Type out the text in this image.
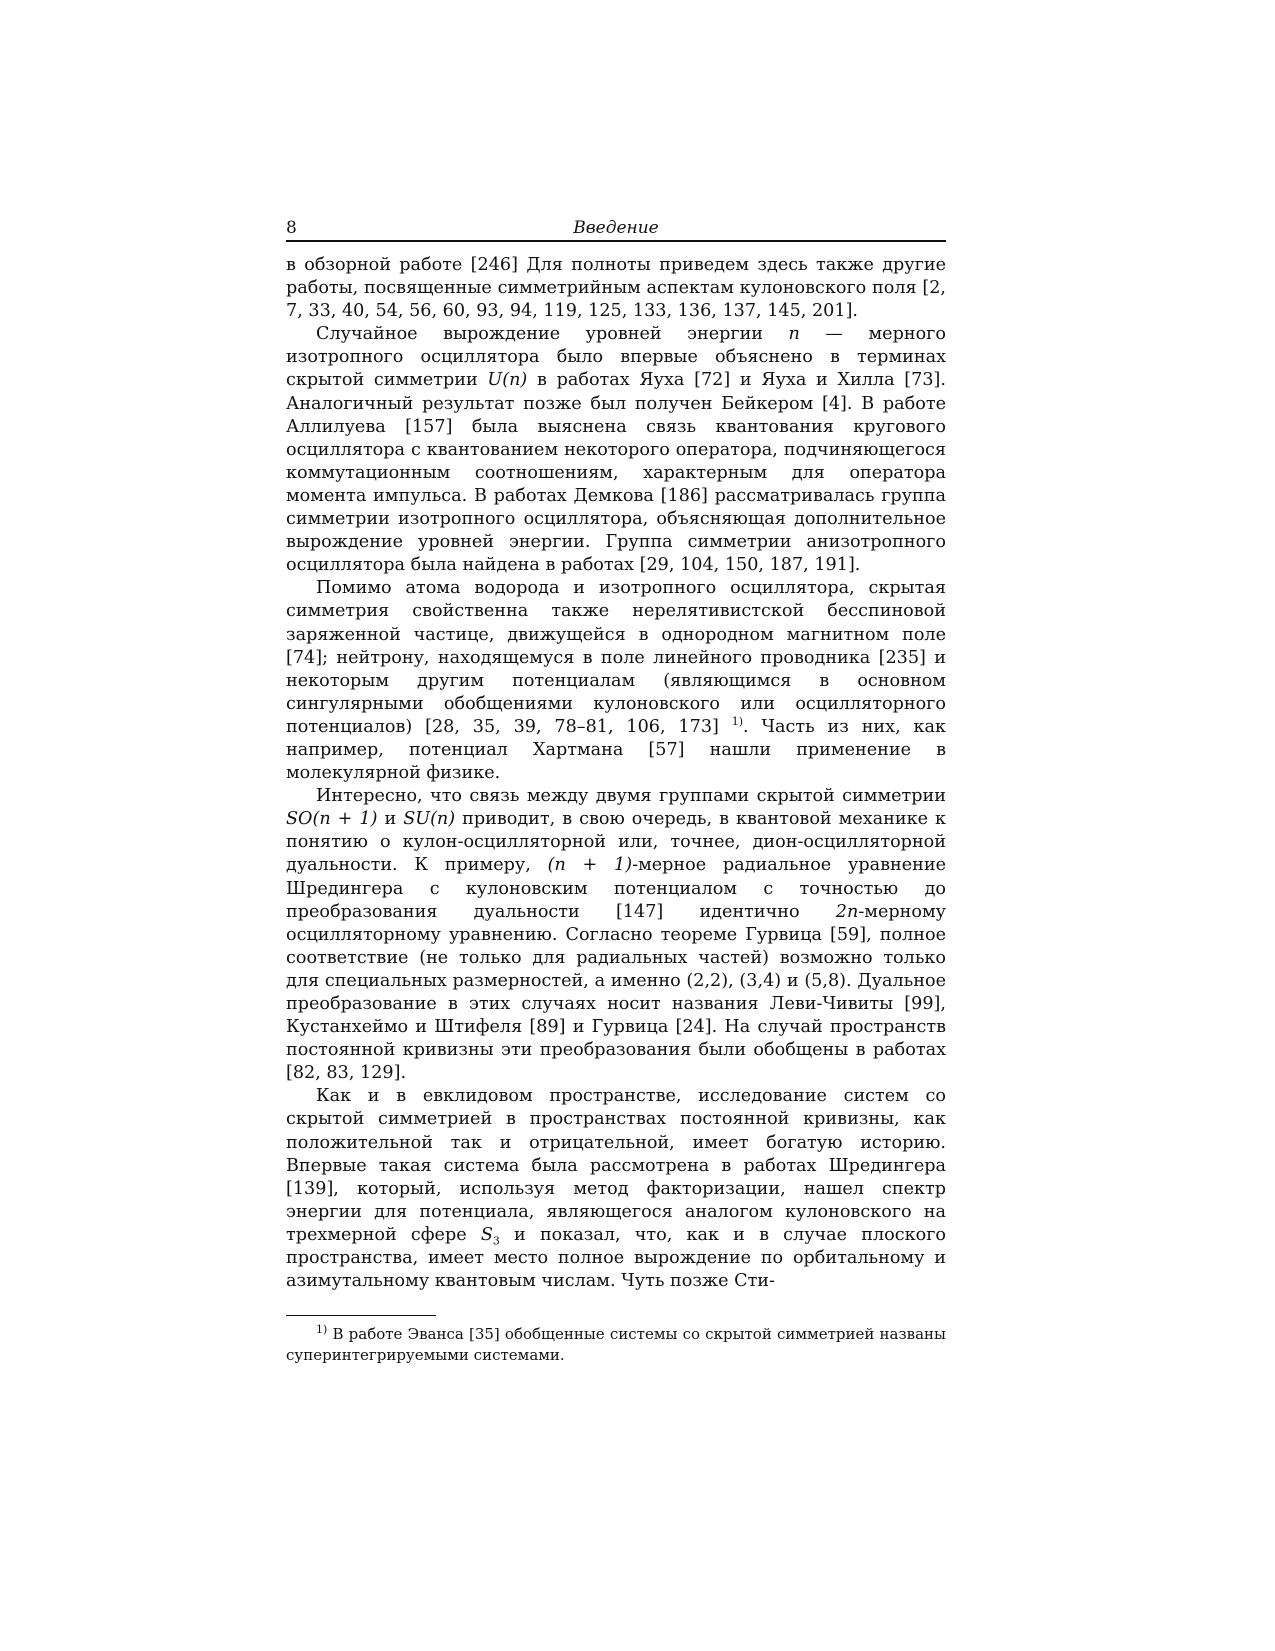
8	Введение

в обзорной работе [246] Для полноты приведем здесь также другие работы, посвященные симметрийным аспектам кулоновского поля [2, 7, 33, 40, 54, 56, 60, 93, 94, 119, 125, 133, 136, 137, 145, 201].

Случайное вырождение уровней энергии n — мерного изотропного осциллятора было впервые объяснено в терминах скрытой симметрии U(n) в работах Яуха [72] и Яуха и Хилла [73]. Аналогичный результат позже был получен Бейкером [4]. В работе Аллилуева [157] была выяснена связь квантования кругового осциллятора с квантованием некоторого оператора, подчиняющегося коммутационным соотношениям, характерным для оператора момента импульса. В работах Демкова [186] рассматривалась группа симметрии изотропного осциллятора, объясняющая дополнительное вырождение уровней энергии. Группа симметрии анизотропного осциллятора была найдена в работах [29, 104, 150, 187, 191].

Помимо атома водорода и изотропного осциллятора, скрытая симметрия свойственна также нерелятивистской бесспиновой заряженной частице, движущейся в однородном магнитном поле [74]; нейтрону, находящемуся в поле линейного проводника [235] и некоторым другим потенциалам (являющимся в основном сингулярными обобщениями кулоновского или осцилляторного потенциалов) [28, 35, 39, 78–81, 106, 173] $^{1)}$. Часть из них, как например, потенциал Хартмана [57] нашли применение в молекулярной физике.

Интересно, что связь между двумя группами скрытой симметрии SO(n + 1) и SU(n) приводит, в свою очередь, в квантовой механике к понятию о кулон-осцилляторной или, точнее, дион-осцилляторной дуальности. К примеру, (n + 1)-мерное радиальное уравнение Шредингера с кулоновским потенциалом с точностью до преобразования дуальности [147] идентично 2n-мерному осцилляторному уравнению. Согласно теореме Гурвица [59], полное соответствие (не только для радиальных частей) возможно только для специальных размерностей, а именно (2,2), (3,4) и (5,8). Дуальное преобразование в этих случаях носит названия Леви-Чивиты [99], Кустанхеймо и Штифеля [89] и Гурвица [24]. На случай пространств постоянной кривизны эти преобразования были обобщены в работах [82, 83, 129].

Как и в евклидовом пространстве, исследование систем со скрытой симметрией в пространствах постоянной кривизны, как положительной так и отрицательной, имеет богатую историю. Впервые такая система была рассмотрена в работах Шредингера [139], который, используя метод факторизации, нашел спектр энергии для потенциала, являющегося аналогом кулоновского на трехмерной сфере $S_3$ и показал, что, как и в случае плоского пространства, имеет место полное вырождение по орбитальному и азимутальному квантовым числам. Чуть позже Сти-

$^{1)}$ В работе Эванса [35] обобщенные системы со скрытой симметрией названы суперинтегрируемыми системами.
